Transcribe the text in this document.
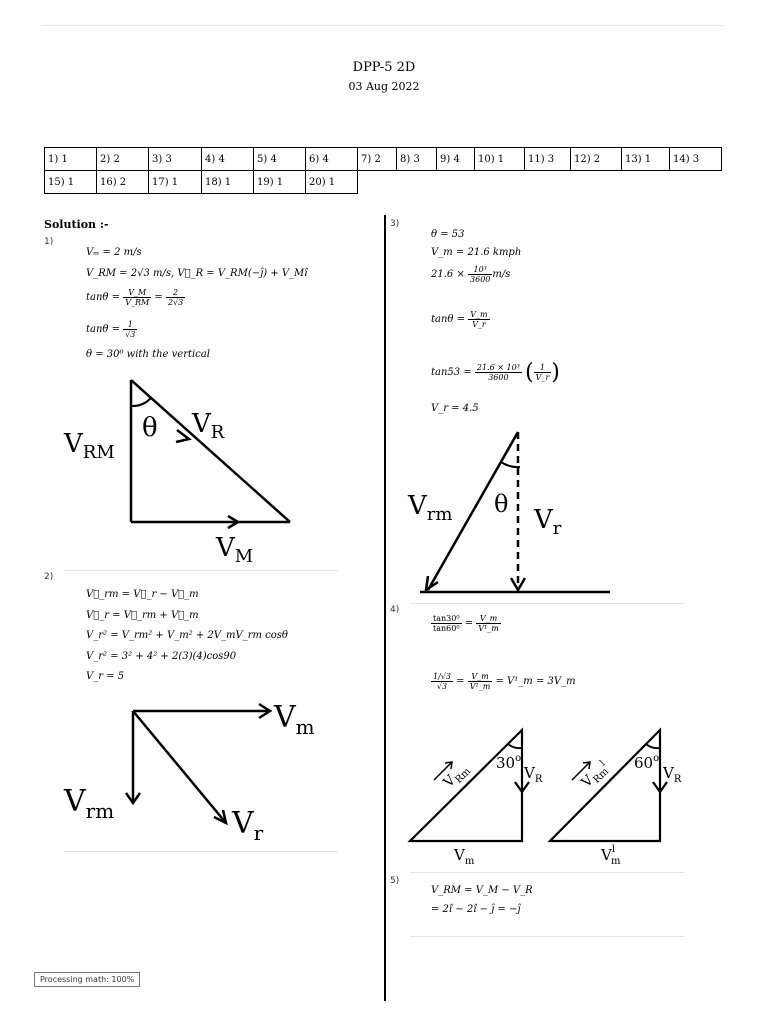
DPP-5 2D
03 Aug 2022
1) 1	2) 2	3) 3	4) 4	5) 4	6) 4	7) 2	8) 3	9) 4	10) 1	11) 3	12) 2	13) 1	14) 3
15) 1	16) 2	17) 1	18) 1	19) 1	20) 1								
Solution :-
1)
Vₘ = 2 m/s
V_RM = 2√3 m/s, V⃗_R = V_RM(−ĵ) + V_Mî
$\tan\theta = \frac{V\_M}{V\_RM} = \frac{2}{2√3}$
$\tan\theta = \frac{1}{√3}$
θ = 30⁰ with the vertical
θ $V_R$
$V_{RM}$
$V_M$
2)
V⃗_rm = V⃗_r − V⃗_m
V⃗_r = V⃗_rm + V⃗_m
V_r² = V_rm² + V_m² + 2V_mV_rm cosθ
V_r² = 3² + 4² + 2(3)(4)cos90
V_r = 5
$V_m$
$V_{rm}$	$V_r$
3)
θ = 53
V_m = 21.6 kmph
$21.6 \times \frac{\text{10³}}{3600} m/s$
$\tan\theta = \frac{V\_m}{V\_r}$
$\tan 53 = \frac{\text{21.6 × 10³}}{3600}$ ( $\frac{1}{V\_r}$ )
V_r = 4.5
$V_{rm}$ θ
$V_r$
4)
$\frac{\text{tan30⁰}}{\text{tan60⁰}} = \frac{V\_m}{\text{V¹\_m}}$
$\frac{1/√3}{√3} = \frac{V\_m}{\text{V¹\_m}}$ = V¹_m = 3V_m
30$^o$
$V_R$
$V_m$
$V_{Rm}$
60$^o$
$V_R$
$V^l$ m
$V_{Rm}^l$
5)
V_RM = V_M − V_R
= 2î − 2î − ĵ = −ĵ
Processing math: 100%
